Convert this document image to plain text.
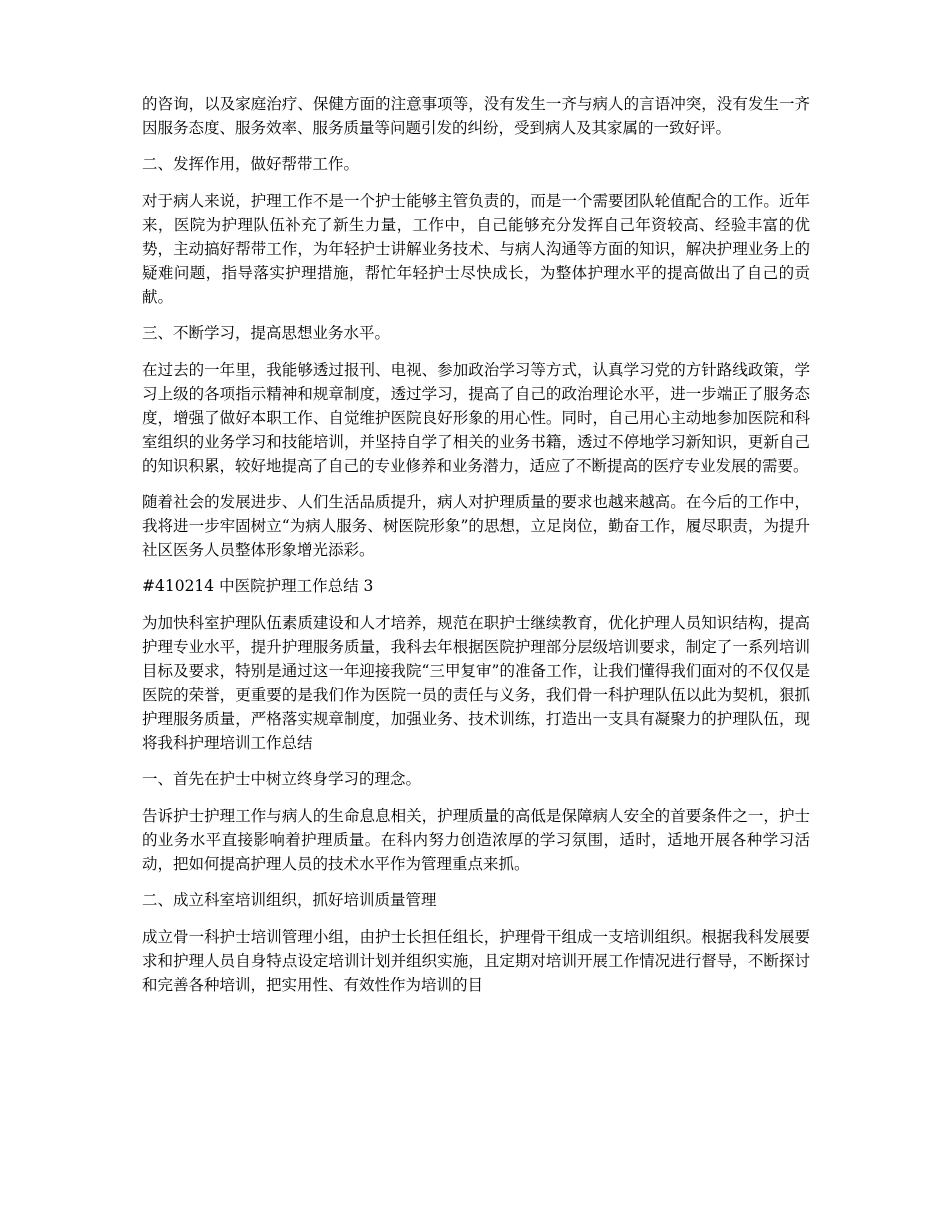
的咨询，以及家庭治疗、保健方面的注意事项等，没有发生一齐与病人的言语冲突，没有发生一齐因服务态度、服务效率、服务质量等问题引发的纠纷，受到病人及其家属的一致好评。

二、发挥作用，做好帮带工作。

对于病人来说，护理工作不是一个护士能够主管负责的，而是一个需要团队轮值配合的工作。近年来，医院为护理队伍补充了新生力量，工作中，自己能够充分发挥自己年资较高、经验丰富的优势，主动搞好帮带工作，为年轻护士讲解业务技术、与病人沟通等方面的知识，解决护理业务上的疑难问题，指导落实护理措施，帮忙年轻护士尽快成长，为整体护理水平的提高做出了自己的贡献。

三、不断学习，提高思想业务水平。

在过去的一年里，我能够透过报刊、电视、参加政治学习等方式，认真学习党的方针路线政策，学习上级的各项指示精神和规章制度，透过学习，提高了自己的政治理论水平，进一步端正了服务态度，增强了做好本职工作、自觉维护医院良好形象的用心性。同时，自己用心主动地参加医院和科室组织的业务学习和技能培训，并坚持自学了相关的业务书籍，透过不停地学习新知识，更新自己的知识积累，较好地提高了自己的专业修养和业务潜力，适应了不断提高的医疗专业发展的需要。

随着社会的发展进步、人们生活品质提升，病人对护理质量的要求也越来越高。在今后的工作中，我将进一步牢固树立“为病人服务、树医院形象”的思想，立足岗位，勤奋工作，履尽职责，为提升社区医务人员整体形象增光添彩。

#410214 中医院护理工作总结 3

为加快科室护理队伍素质建设和人才培养，规范在职护士继续教育，优化护理人员知识结构，提高护理专业水平，提升护理服务质量，我科去年根据医院护理部分层级培训要求，制定了一系列培训目标及要求，特别是通过这一年迎接我院“三甲复审”的准备工作，让我们懂得我们面对的不仅仅是医院的荣誉，更重要的是我们作为医院一员的责任与义务，我们骨一科护理队伍以此为契机，狠抓护理服务质量，严格落实规章制度，加强业务、技术训练，打造出一支具有凝聚力的护理队伍，现将我科护理培训工作总结

一、首先在护士中树立终身学习的理念。

告诉护士护理工作与病人的生命息息相关，护理质量的高低是保障病人安全的首要条件之一，护士的业务水平直接影响着护理质量。在科内努力创造浓厚的学习氛围，适时，适地开展各种学习活动，把如何提高护理人员的技术水平作为管理重点来抓。

二、成立科室培训组织，抓好培训质量管理

成立骨一科护士培训管理小组，由护士长担任组长，护理骨干组成一支培训组织。根据我科发展要求和护理人员自身特点设定培训计划并组织实施，且定期对培训开展工作情况进行督导，不断探讨和完善各种培训，把实用性、有效性作为培训的目
